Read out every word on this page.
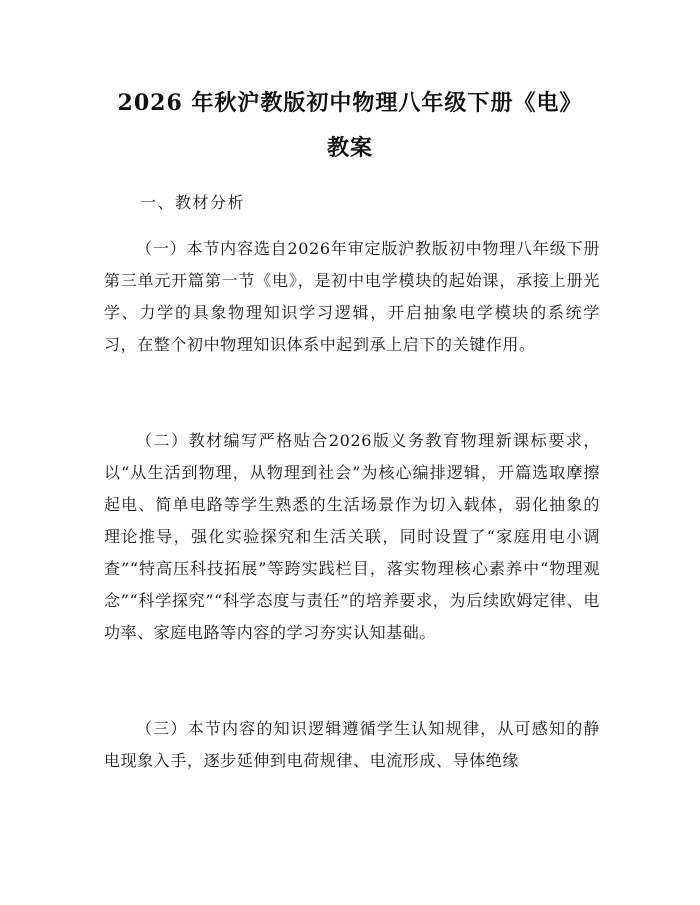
2026 年秋沪教版初中物理八年级下册《电》
教案
一、教材分析
（一）本节内容选自2026年审定版沪教版初中物理八年级下册第三单元开篇第一节《电》，是初中电学模块的起始课，承接上册光学、力学的具象物理知识学习逻辑，开启抽象电学模块的系统学习，在整个初中物理知识体系中起到承上启下的关键作用。
（二）教材编写严格贴合2026版义务教育物理新课标要求，以“从生活到物理，从物理到社会”为核心编排逻辑，开篇选取摩擦起电、简单电路等学生熟悉的生活场景作为切入载体，弱化抽象的理论推导，强化实验探究和生活关联，同时设置了“家庭用电小调查”“特高压科技拓展”等跨实践栏目，落实物理核心素养中“物理观念”“科学探究”“科学态度与责任”的培养要求，为后续欧姆定律、电功率、家庭电路等内容的学习夯实认知基础。
（三）本节内容的知识逻辑遵循学生认知规律，从可感知的静电现象入手，逐步延伸到电荷规律、电流形成、导体绝缘
